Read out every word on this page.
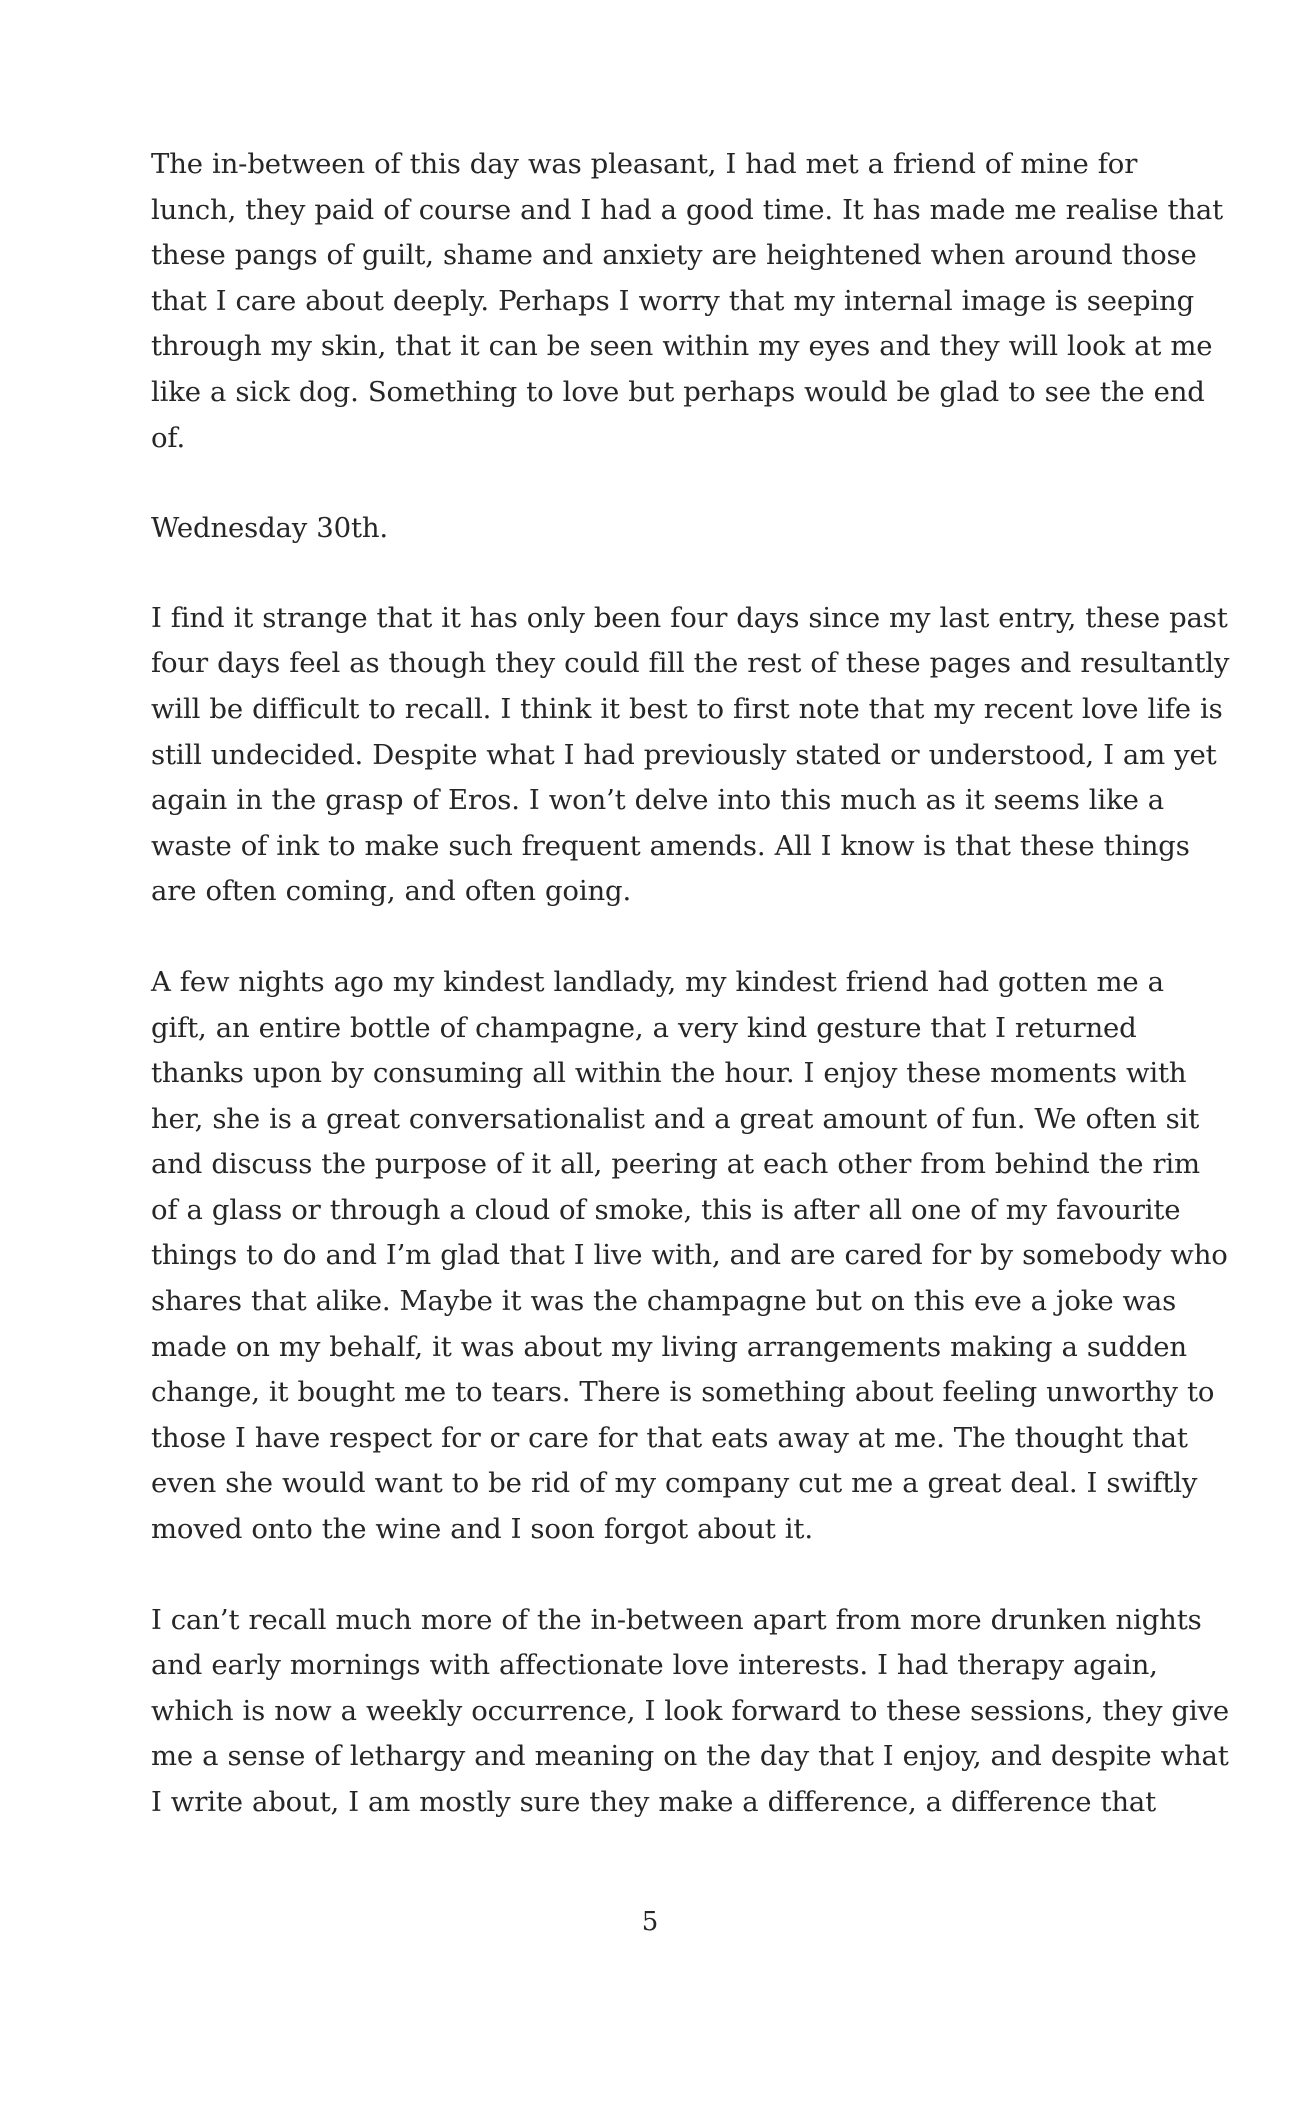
The in-between of this day was pleasant, I had met a friend of mine for
lunch, they paid of course and I had a good time. It has made me realise that
these pangs of guilt, shame and anxiety are heightened when around those
that I care about deeply. Perhaps I worry that my internal image is seeping
through my skin, that it can be seen within my eyes and they will look at me
like a sick dog. Something to love but perhaps would be glad to see the end
of.

Wednesday 30th.

I find it strange that it has only been four days since my last entry, these past
four days feel as though they could fill the rest of these pages and resultantly
will be difficult to recall. I think it best to first note that my recent love life is
still undecided. Despite what I had previously stated or understood, I am yet
again in the grasp of Eros. I won’t delve into this much as it seems like a
waste of ink to make such frequent amends. All I know is that these things
are often coming, and often going.

A few nights ago my kindest landlady, my kindest friend had gotten me a
gift, an entire bottle of champagne, a very kind gesture that I returned
thanks upon by consuming all within the hour. I enjoy these moments with
her, she is a great conversationalist and a great amount of fun. We often sit
and discuss the purpose of it all, peering at each other from behind the rim
of a glass or through a cloud of smoke, this is after all one of my favourite
things to do and I’m glad that I live with, and are cared for by somebody who
shares that alike. Maybe it was the champagne but on this eve a joke was
made on my behalf, it was about my living arrangements making a sudden
change, it bought me to tears. There is something about feeling unworthy to
those I have respect for or care for that eats away at me. The thought that
even she would want to be rid of my company cut me a great deal. I swiftly
moved onto the wine and I soon forgot about it.

I can’t recall much more of the in-between apart from more drunken nights
and early mornings with affectionate love interests. I had therapy again,
which is now a weekly occurrence, I look forward to these sessions, they give
me a sense of lethargy and meaning on the day that I enjoy, and despite what
I write about, I am mostly sure they make a difference, a difference that

5
